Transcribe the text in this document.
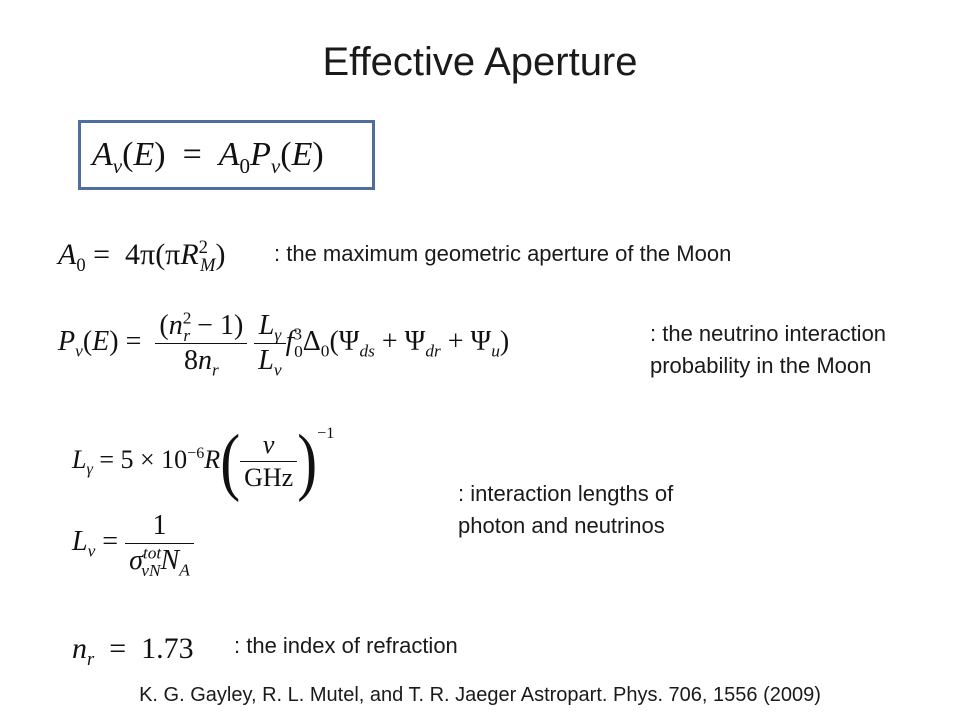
Effective Aperture
$A_\nu(E) = A_0P_\nu(E)$
$A_0 = 4\pi(\pi R^2_M)$ : the maximum geometric aperture of the Moon
$P_\nu(E) = \frac{(n^2_r - 1)}{8n_r}$
$\frac{L_\gamma}{L_\nu} f^3_0\Delta_0(\Psi_{ds} + \Psi_{dr} + \Psi_u)$	: the neutrino interaction
probability in the Moon
$L_\gamma = 5 \times 10^{-6}R( \frac{\nu}{\text{GHz}} )^{-1}$
$L_\nu = \frac{1}{\sigma^{tot}_{\nu N}N_A}$
: interaction lengths of
photon and neutrinos
$n_r = 1.73$ : the index of refraction
K. G. Gayley, R. L. Mutel, and T. R. Jaeger Astropart. Phys. 706, 1556 (2009)
